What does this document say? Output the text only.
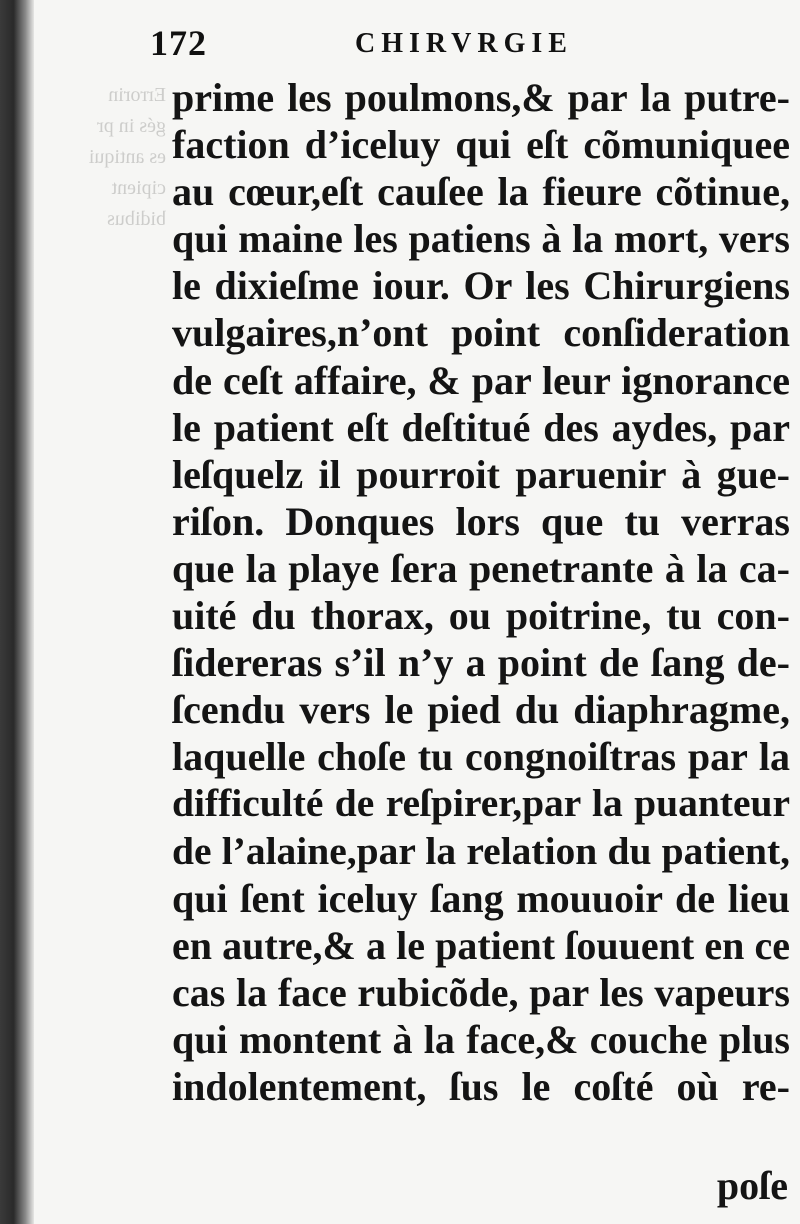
Errorin
gés in pr
es antiqui
cipient
bidibus
172	CHIRVRGIE
prime les poulmons,& par la putre-
faction d’iceluy qui eſt cõmuniquee
au cœur,eſt cauſee la fieure cõtinue,
qui maine les patiens à la mort, vers
le dixieſme iour. Or les Chirurgiens
vulgaires,n’ont point conſideration
de ceſt affaire, & par leur ignorance
le patient eſt deſtitué des aydes, par
leſquelz il pourroit paruenir à gue-
riſon. Donques lors que tu verras
que la playe ſera penetrante à la ca-
uité du thorax, ou poitrine, tu con-
ſidereras s’il n’y a point de ſang de-
ſcendu vers le pied du diaphragme,
laquelle choſe tu congnoiſtras par la
difficulté de reſpirer,par la puanteur
de l’alaine,par la relation du patient,
qui ſent iceluy ſang mouuoir de lieu
en autre,& a le patient ſouuent en ce
cas la face rubicõde, par les vapeurs
qui montent à la face,& couche plus
indolentement, ſus le coſté où re-
poſe
